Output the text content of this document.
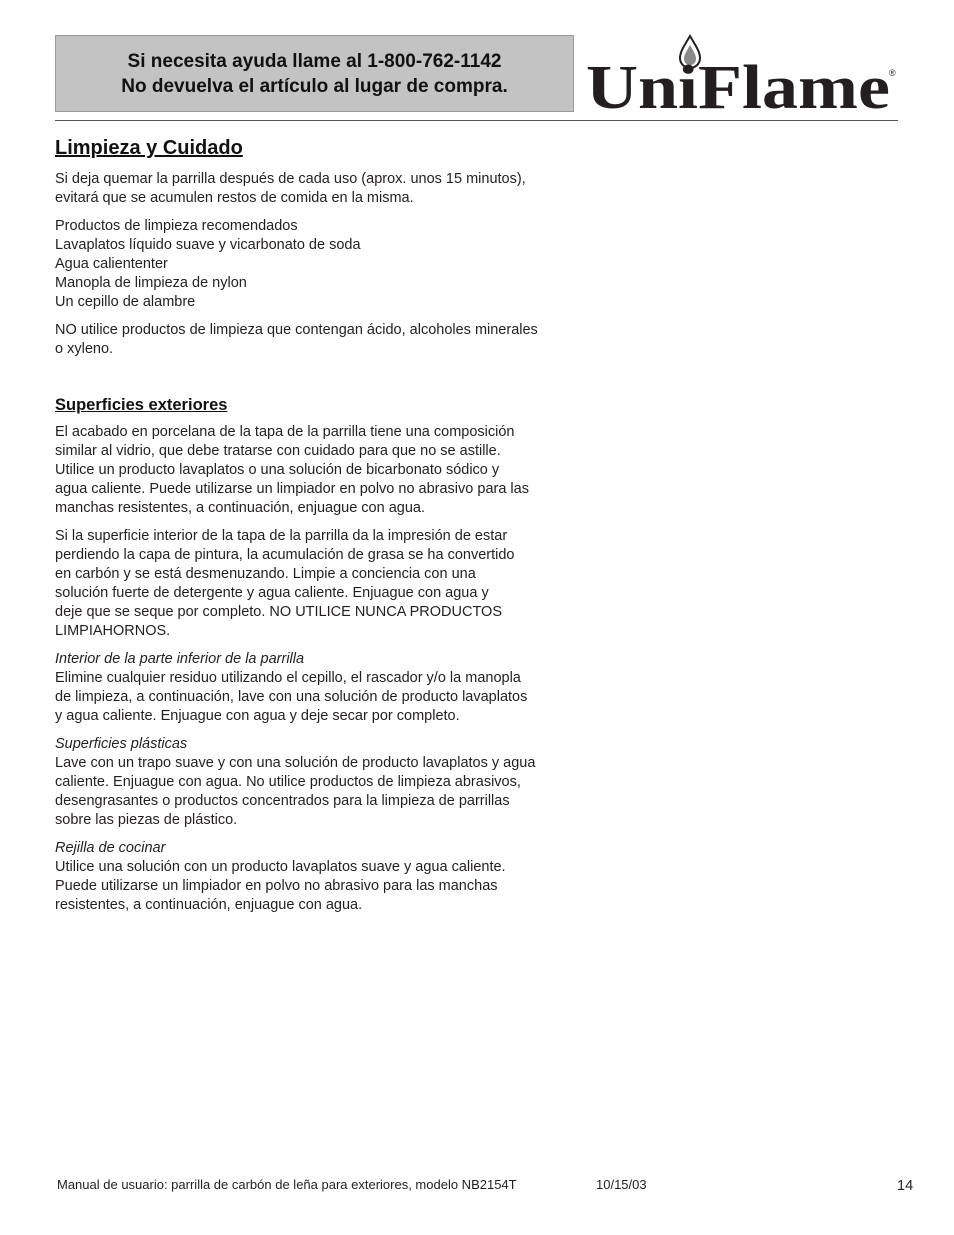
Si necesita ayuda llame al 1-800-762-1142
No devuelva el artículo al lugar de compra. UniFlame ®
Limpieza y Cuidado

Si deja quemar la parrilla después de cada uso (aprox. unos 15 minutos),
evitará que se acumulen restos de comida en la misma.

Productos de limpieza recomendados
Lavaplatos líquido suave y vicarbonato de soda
Agua caliententer
Manopla de limpieza de nylon
Un cepillo de alambre

NO utilice productos de limpieza que contengan ácido, alcoholes minerales
o xyleno.

Superficies exteriores

El acabado en porcelana de la tapa de la parrilla tiene una composición
similar al vidrio, que debe tratarse con cuidado para que no se astille.
Utilice un producto lavaplatos o una solución de bicarbonato sódico y
agua caliente. Puede utilizarse un limpiador en polvo no abrasivo para las
manchas resistentes, a continuación, enjuague con agua.

Si la superficie interior de la tapa de la parrilla da la impresión de estar
perdiendo la capa de pintura, la acumulación de grasa se ha convertido
en carbón y se está desmenuzando. Limpie a conciencia con una
solución fuerte de detergente y agua caliente. Enjuague con agua y
deje que se seque por completo. NO UTILICE NUNCA PRODUCTOS
LIMPIAHORNOS.

Interior de la parte inferior de la parrilla
Elimine cualquier residuo utilizando el cepillo, el rascador y/o la manopla
de limpieza, a continuación, lave con una solución de producto lavaplatos
y agua caliente. Enjuague con agua y deje secar por completo.

Superficies plásticas
Lave con un trapo suave y con una solución de producto lavaplatos y agua
caliente. Enjuague con agua. No utilice productos de limpieza abrasivos,
desengrasantes o productos concentrados para la limpieza de parrillas
sobre las piezas de plástico.

Rejilla de cocinar
Utilice una solución con un producto lavaplatos suave y agua caliente.
Puede utilizarse un limpiador en polvo no abrasivo para las manchas
resistentes, a continuación, enjuague con agua.

Manual de usuario: parrilla de carbón de leña para exteriores, modelo NB2154T	10/15/03	14
